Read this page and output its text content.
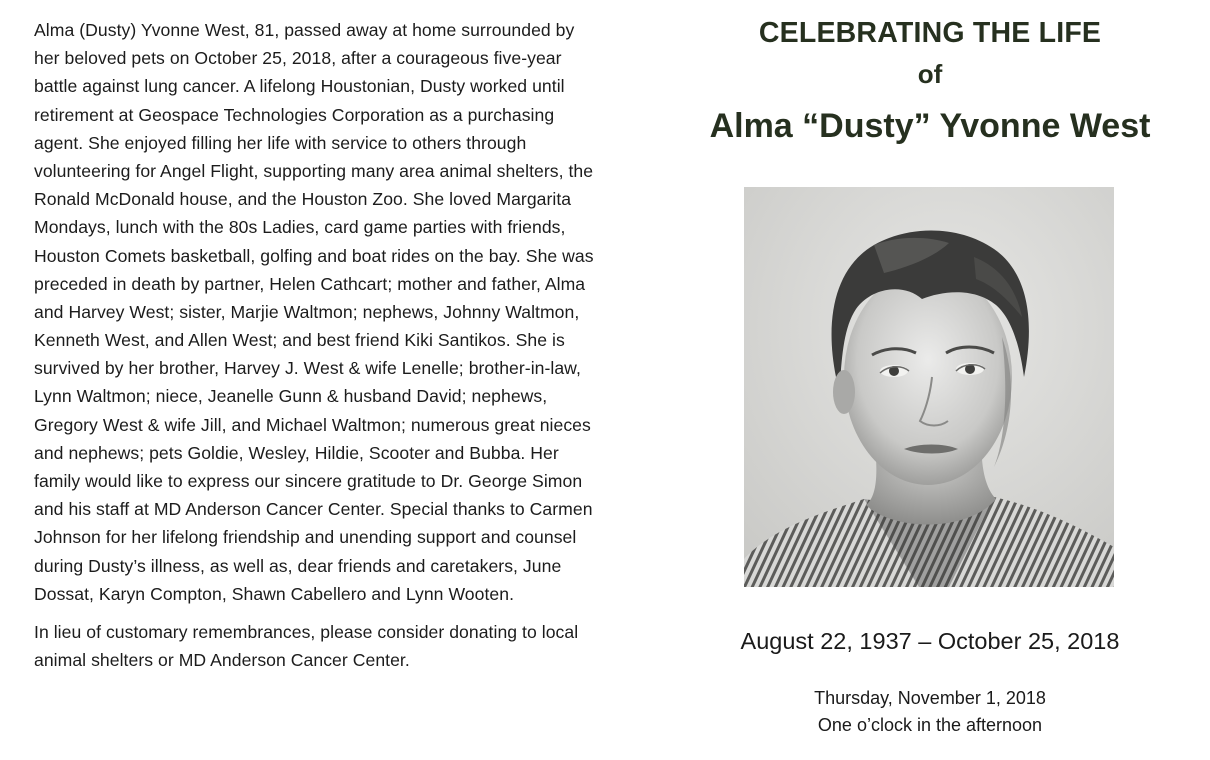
Alma (Dusty) Yvonne West, 81, passed away at home surrounded by
her beloved pets on October 25, 2018, after a courageous five-year
battle against lung cancer. A lifelong Houstonian, Dusty worked until
retirement at Geospace Technologies Corporation as a purchasing
agent. She enjoyed filling her life with service to others through
volunteering for Angel Flight, supporting many area animal shelters, the
Ronald McDonald house, and the Houston Zoo. She loved Margarita
Mondays, lunch with the 80s Ladies, card game parties with friends,
Houston Comets basketball, golfing and boat rides on the bay. She was
preceded in death by partner, Helen Cathcart; mother and father, Alma
and Harvey West; sister, Marjie Waltmon; nephews, Johnny Waltmon,
Kenneth West, and Allen West; and best friend Kiki Santikos. She is
survived by her brother, Harvey J. West & wife Lenelle; brother-in-law,
Lynn Waltmon; niece, Jeanelle Gunn & husband David; nephews,
Gregory West & wife Jill, and Michael Waltmon; numerous great nieces
and nephews; pets Goldie, Wesley, Hildie, Scooter and Bubba. Her
family would like to express our sincere gratitude to Dr. George Simon
and his staff at MD Anderson Cancer Center. Special thanks to Carmen
Johnson for her lifelong friendship and unending support and counsel
during Dusty’s illness, as well as, dear friends and caretakers, June
Dossat, Karyn Compton, Shawn Cabellero and Lynn Wooten.

In lieu of customary remembrances, please consider donating to local
animal shelters or MD Anderson Cancer Center.

CELEBRATING THE LIFE
of
Alma “Dusty” Yvonne West
August 22, 1937 – October 25, 2018
Thursday, November 1, 2018
One o’clock in the afternoon
